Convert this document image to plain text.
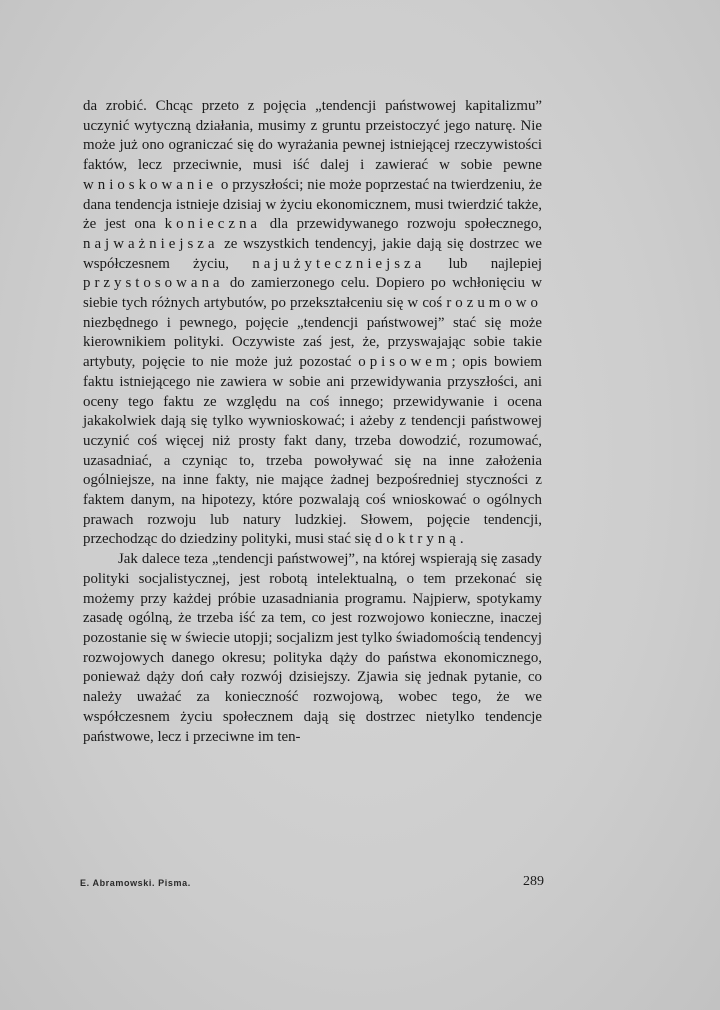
da zrobić. Chcąc przeto z pojęcia „tendencji państwowej kapitalizmu” uczynić wytyczną działania, musimy z gruntu przeistoczyć jego naturę. Nie może już ono ograniczać się do wyrażania pewnej istniejącej rzeczywistości faktów, lecz przeciwnie, musi iść dalej i zawierać w sobie pewne wnioskowanie o przyszłości; nie może poprzestać na twierdzeniu, że dana tendencja istnieje dzisiaj w życiu ekonomicznem, musi twierdzić także, że jest ona konieczna dla przewidywanego rozwoju społecznego, najważniejsza ze wszystkich tendencyj, jakie dają się dostrzec we współczesnem życiu, najużyteczniejsza lub najlepiej przystosowana do zamierzonego celu. Dopiero po wchłonięciu w siebie tych różnych artybutów, po przekształceniu się w coś rozumowo niezbędnego i pewnego, pojęcie „tendencji państwowej” stać się może kierownikiem polityki. Oczywiste zaś jest, że, przyswajając sobie takie artybuty, pojęcie to nie może już pozostać opisowem; opis bowiem faktu istniejącego nie zawiera w sobie ani przewidywania przyszłości, ani oceny tego faktu ze względu na coś innego; przewidywanie i ocena jakakolwiek dają się tylko wywnioskować; i ażeby z tendencji państwowej uczynić coś więcej niż prosty fakt dany, trzeba dowodzić, rozumować, uzasadniać, a czyniąc to, trzeba powoływać się na inne założenia ogólniejsze, na inne fakty, nie mające żadnej bezpośredniej styczności z faktem danym, na hipotezy, które pozwalają coś wnioskować o ogólnych prawach rozwoju lub natury ludzkiej. Słowem, pojęcie tendencji, przechodząc do dziedziny polityki, musi stać się doktryną.

Jak dalece teza „tendencji państwowej”, na której wspierają się zasady polityki socjalistycznej, jest robotą intelektualną, o tem przekonać się możemy przy każdej próbie uzasadniania programu. Najpierw, spotykamy zasadę ogólną, że trzeba iść za tem, co jest rozwojowo konieczne, inaczej pozostanie się w świecie utopji; socjalizm jest tylko świadomością tendencyj rozwojowych danego okresu; polityka dąży do państwa ekonomicznego, ponieważ dąży doń cały rozwój dzisiejszy. Zjawia się jednak pytanie, co należy uważać za konieczność rozwojową, wobec tego, że we współczesnem życiu społecznem dają się dostrzec nietylko tendencje państwowe, lecz i przeciwne im ten-

E. Abramowski. Pisma.	289
